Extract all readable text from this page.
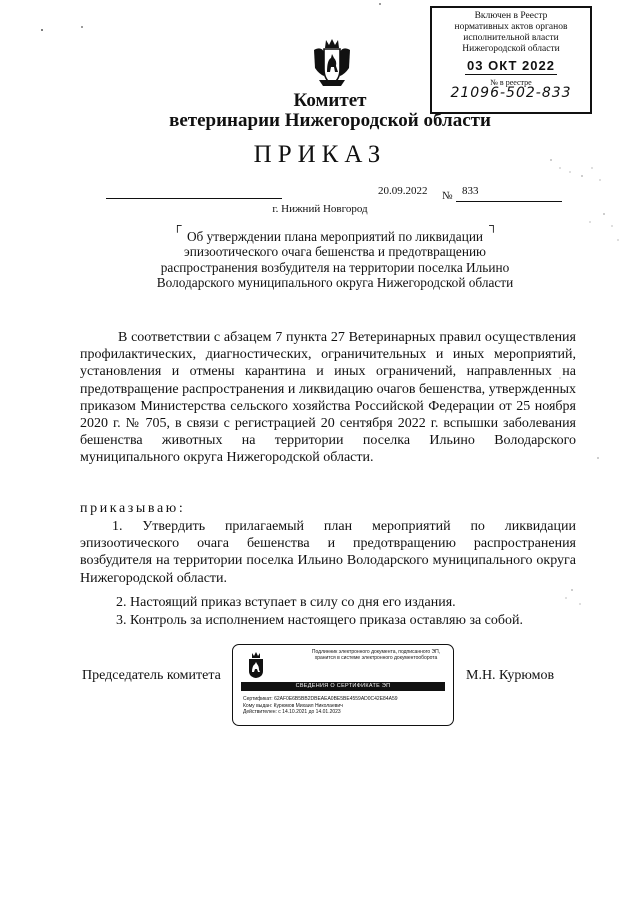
Включен в Реестр
нормативных актов органов
исполнительной власти
Нижегородской области
03 ОКТ 2022
№ в реестре
21096-502-833
Комитет
ветеринарии Нижегородской области
ПРИКАЗ
20.09.2022 № 833
г. Нижний Новгород
┌	┐
Об утверждении плана мероприятий по ликвидации эпизоотического очага бешенства и предотвращению распространения возбудителя на территории поселка Ильино Володарского муниципального округа Нижегородской области
В соответствии с абзацем 7 пункта 27 Ветеринарных правил осуществления профилактических, диагностических, ограничительных и иных мероприятий, установления и отмены карантина и иных ограничений, направленных на предотвращение распространения и ликвидацию очагов бешенства, утвержденных приказом Министерства сельского хозяйства Российской Федерации от 25 ноября 2020 г. № 705, в связи с регистрацией 20 сентября 2022 г. вспышки заболевания бешенства животных на территории поселка Ильино Володарского муниципального округа Нижегородской области.
приказываю:
1. Утвердить прилагаемый план мероприятий по ликвидации эпизоотического очага бешенства и предотвращению распространения возбудителя на территории поселка Ильино Володарского муниципального округа Нижегородской области.
2. Настоящий приказ вступает в силу со дня его издания.
3. Контроль за исполнением настоящего приказа оставляю за собой.
Председатель комитета
Подлинник электронного документа, подписанного ЭП, хранится в системе электронного документооборота
СВЕДЕНИЯ О СЕРТИФИКАТЕ ЭП
Сертификат: 62AF0E6B5BB2DBEAEA0BE5BE4559AD0C42E84A59
Кому выдан: Курюмов Михаил Николаевич
Действителен: с 14.10.2021 до 14.01.2023
М.Н. Курюмов
